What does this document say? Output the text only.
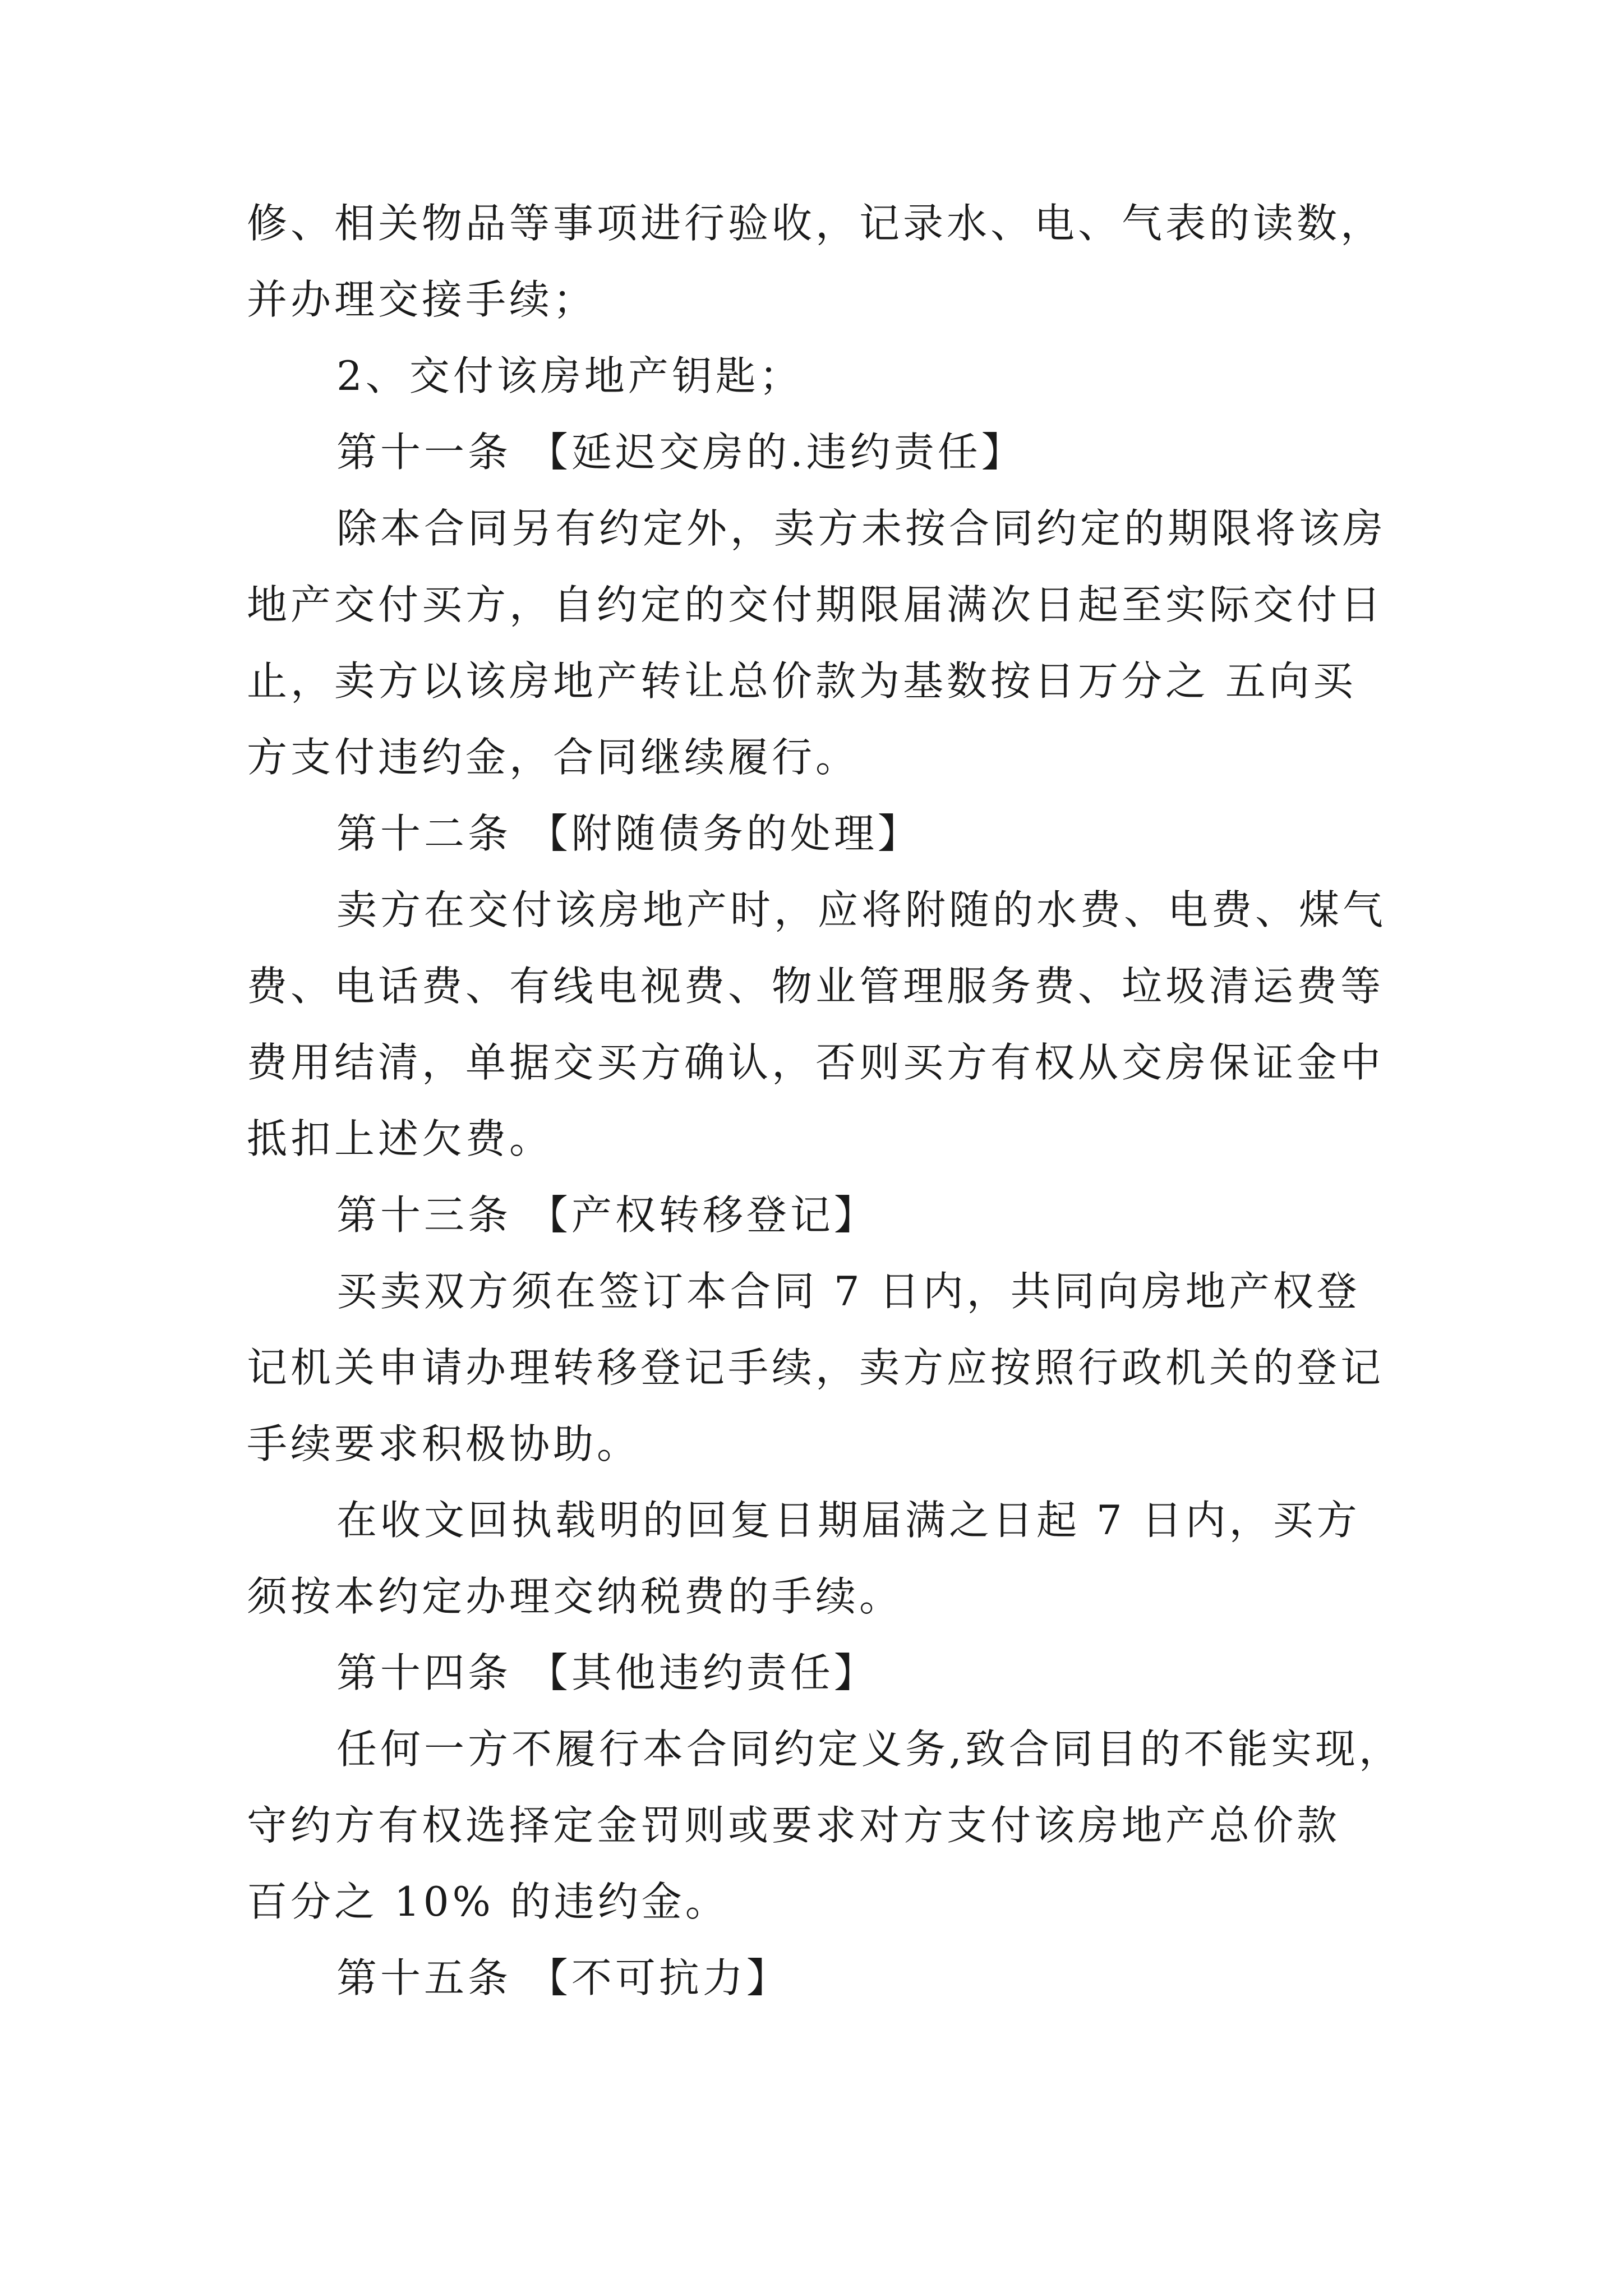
修、相关物品等事项进行验收，记录水、电、气表的读数，
并办理交接手续；
2、交付该房地产钥匙；
第十一条 【延迟交房的.违约责任】
除本合同另有约定外，卖方未按合同约定的期限将该房
地产交付买方，自约定的交付期限届满次日起至实际交付日
止，卖方以该房地产转让总价款为基数按日万分之 五向买
方支付违约金，合同继续履行。
第十二条 【附随债务的处理】
卖方在交付该房地产时，应将附随的水费、电费、煤气
费、电话费、有线电视费、物业管理服务费、垃圾清运费等
费用结清，单据交买方确认，否则买方有权从交房保证金中
抵扣上述欠费。
第十三条 【产权转移登记】
买卖双方须在签订本合同 7 日内，共同向房地产权登
记机关申请办理转移登记手续，卖方应按照行政机关的登记
手续要求积极协助。
在收文回执载明的回复日期届满之日起 7 日内，买方
须按本约定办理交纳税费的手续。
第十四条 【其他违约责任】
任何一方不履行本合同约定义务,致合同目的不能实现，
守约方有权选择定金罚则或要求对方支付该房地产总价款
百分之 10% 的违约金。
第十五条 【不可抗力】
